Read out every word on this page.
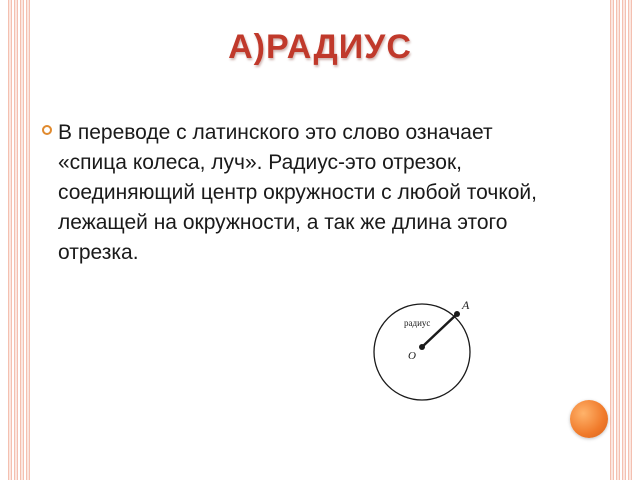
А)РАДИУС
В переводе с латинского это слово означает «спица колеса, луч». Радиус-это отрезок, соединяющий центр окружности с любой точкой, лежащей на окружности, а так же длина этого отрезка.
A
радиус
O
